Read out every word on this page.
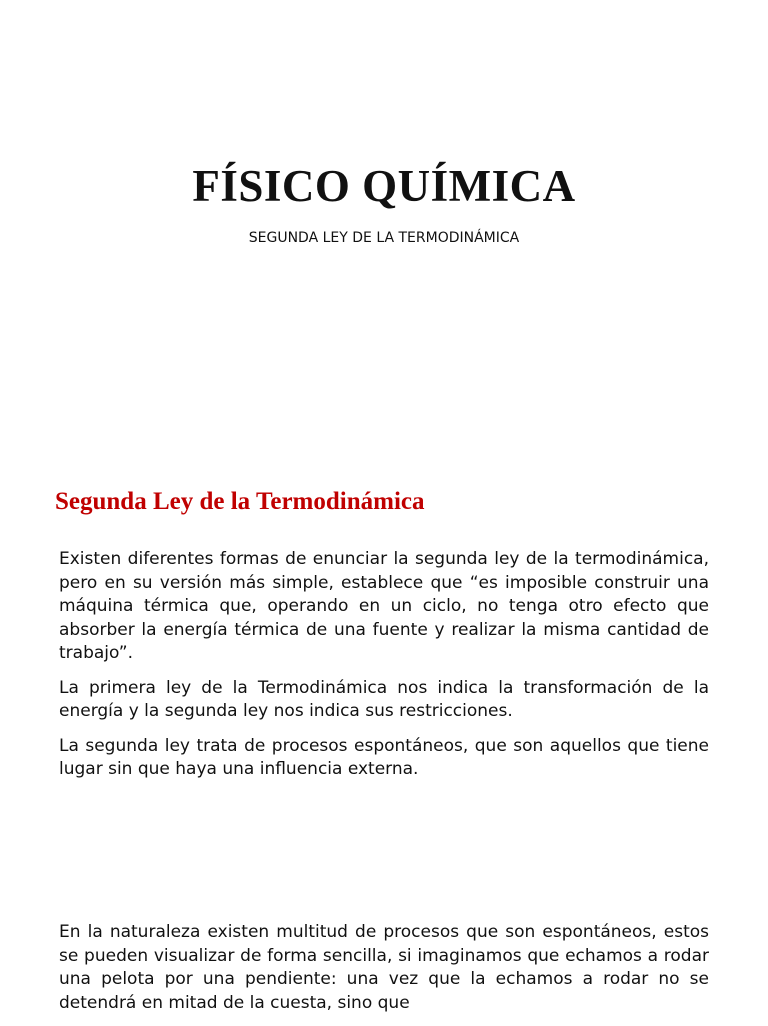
FÍSICO QUÍMICA
SEGUNDA LEY DE LA TERMODINÁMICA
Segunda Ley de la Termodinámica

Existen diferentes formas de enunciar la segunda ley de la termodinámica, pero en su versión más simple, establece que “es imposible construir una máquina térmica que, operando en un ciclo, no tenga otro efecto que absorber la energía térmica de una fuente y realizar la misma cantidad de trabajo”.

La primera ley de la Termodinámica nos indica la transformación de la energía y la segunda ley nos indica sus restricciones.

La segunda ley trata de procesos espontáneos, que son aquellos que tiene lugar sin que haya una influencia externa.

En la naturaleza existen multitud de procesos que son espontáneos, estos se pueden visualizar de forma sencilla, si imaginamos que echamos a rodar una pelota por una pendiente: una vez que la echamos a rodar no se detendrá en mitad de la cuesta, sino que
